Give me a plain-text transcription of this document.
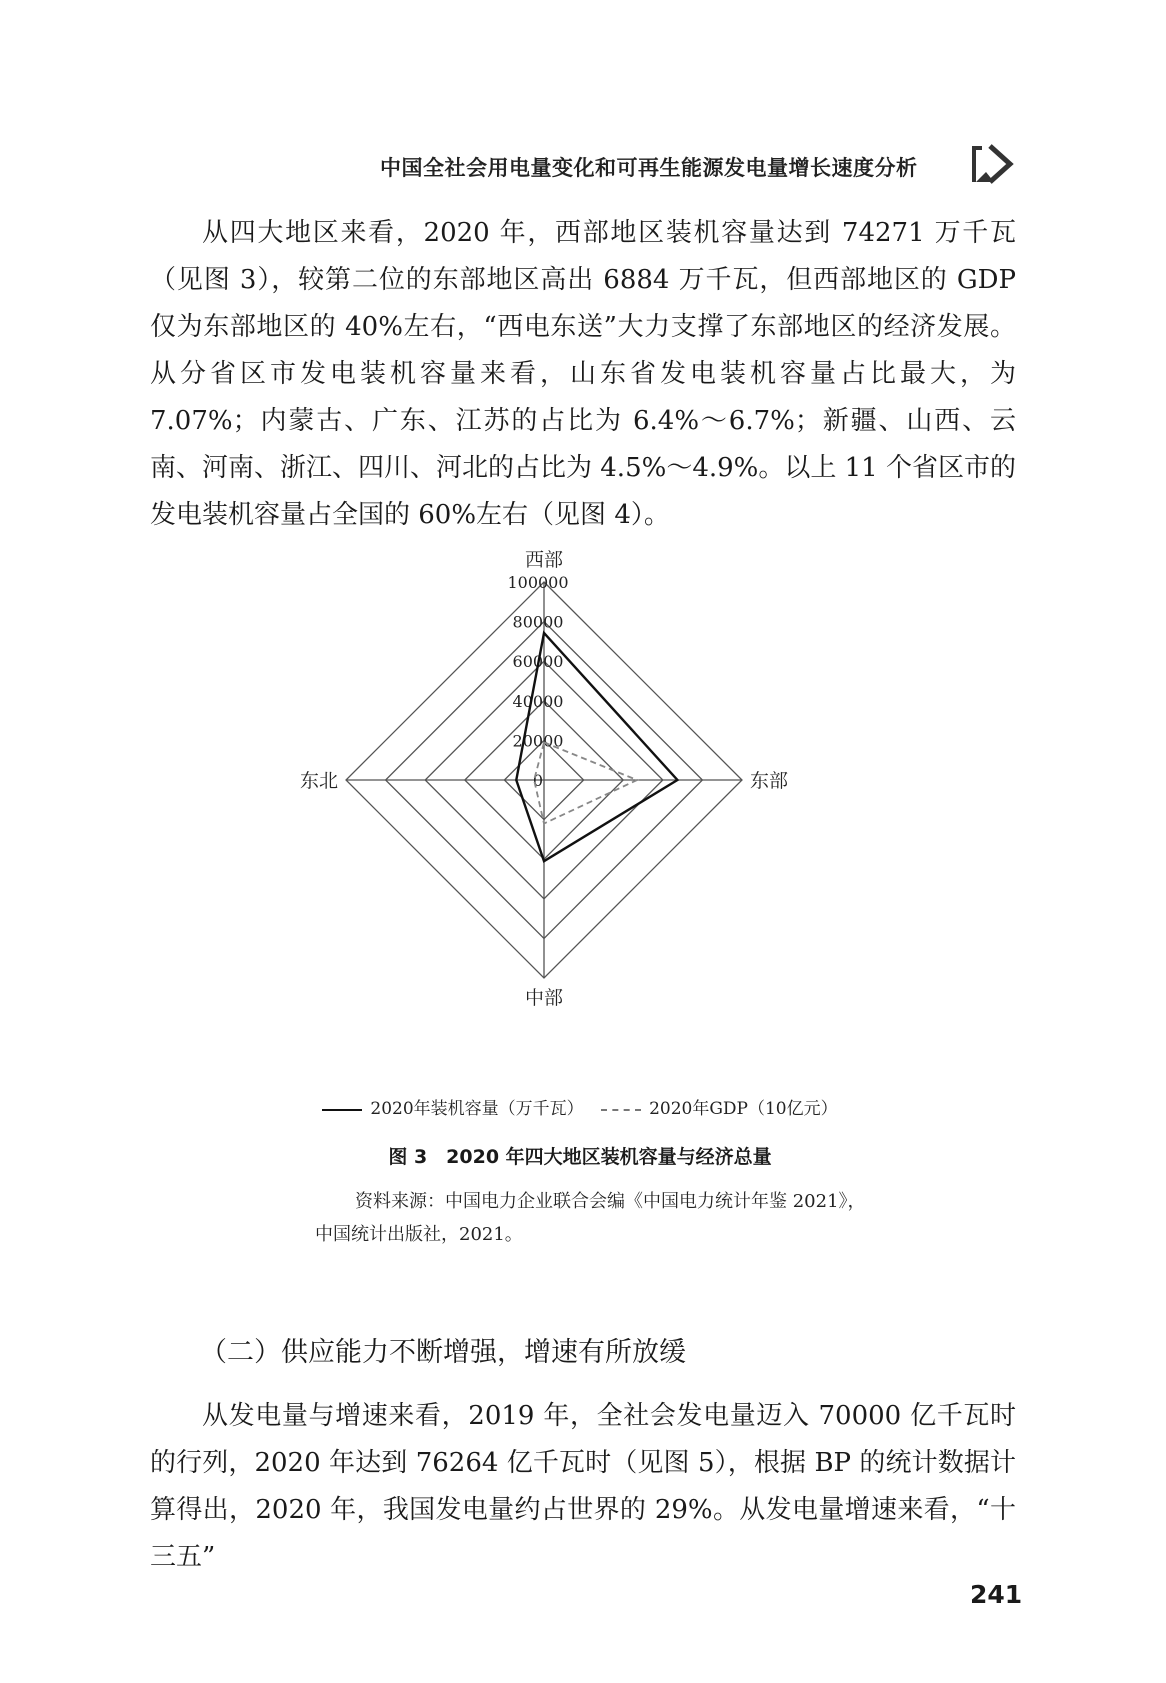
中国全社会用电量变化和可再生能源发电量增长速度分析

从四大地区来看，2020 年，西部地区装机容量达到 74271 万千瓦（见图 3），较第二位的东部地区高出 6884 万千瓦，但西部地区的 GDP 仅为东部地区的 40%左右，“西电东送”大力支撑了东部地区的经济发展。从分省区市发电装机容量来看，山东省发电装机容量占比最大，为 7.07%；内蒙古、广东、江苏的占比为 6.4%～6.7%；新疆、山西、云南、河南、浙江、四川、河北的占比为 4.5%～4.9%。以上 11 个省区市的发电装机容量占全国的 60%左右（见图 4）。

100000
80000
60000
40000
20000
0
西部
东部
中部
东北
2020年装机容量（万千瓦）	2020年GDP（10亿元）
图 3　2020 年四大地区装机容量与经济总量
资料来源：中国电力企业联合会编《中国电力统计年鉴 2021》，中国统计出版社，2021。
（二）供应能力不断增强，增速有所放缓

从发电量与增速来看，2019 年，全社会发电量迈入 70000 亿千瓦时的行列，2020 年达到 76264 亿千瓦时（见图 5），根据 BP 的统计数据计算得出，2020 年，我国发电量约占世界的 29%。从发电量增速来看，“十三五”

241
